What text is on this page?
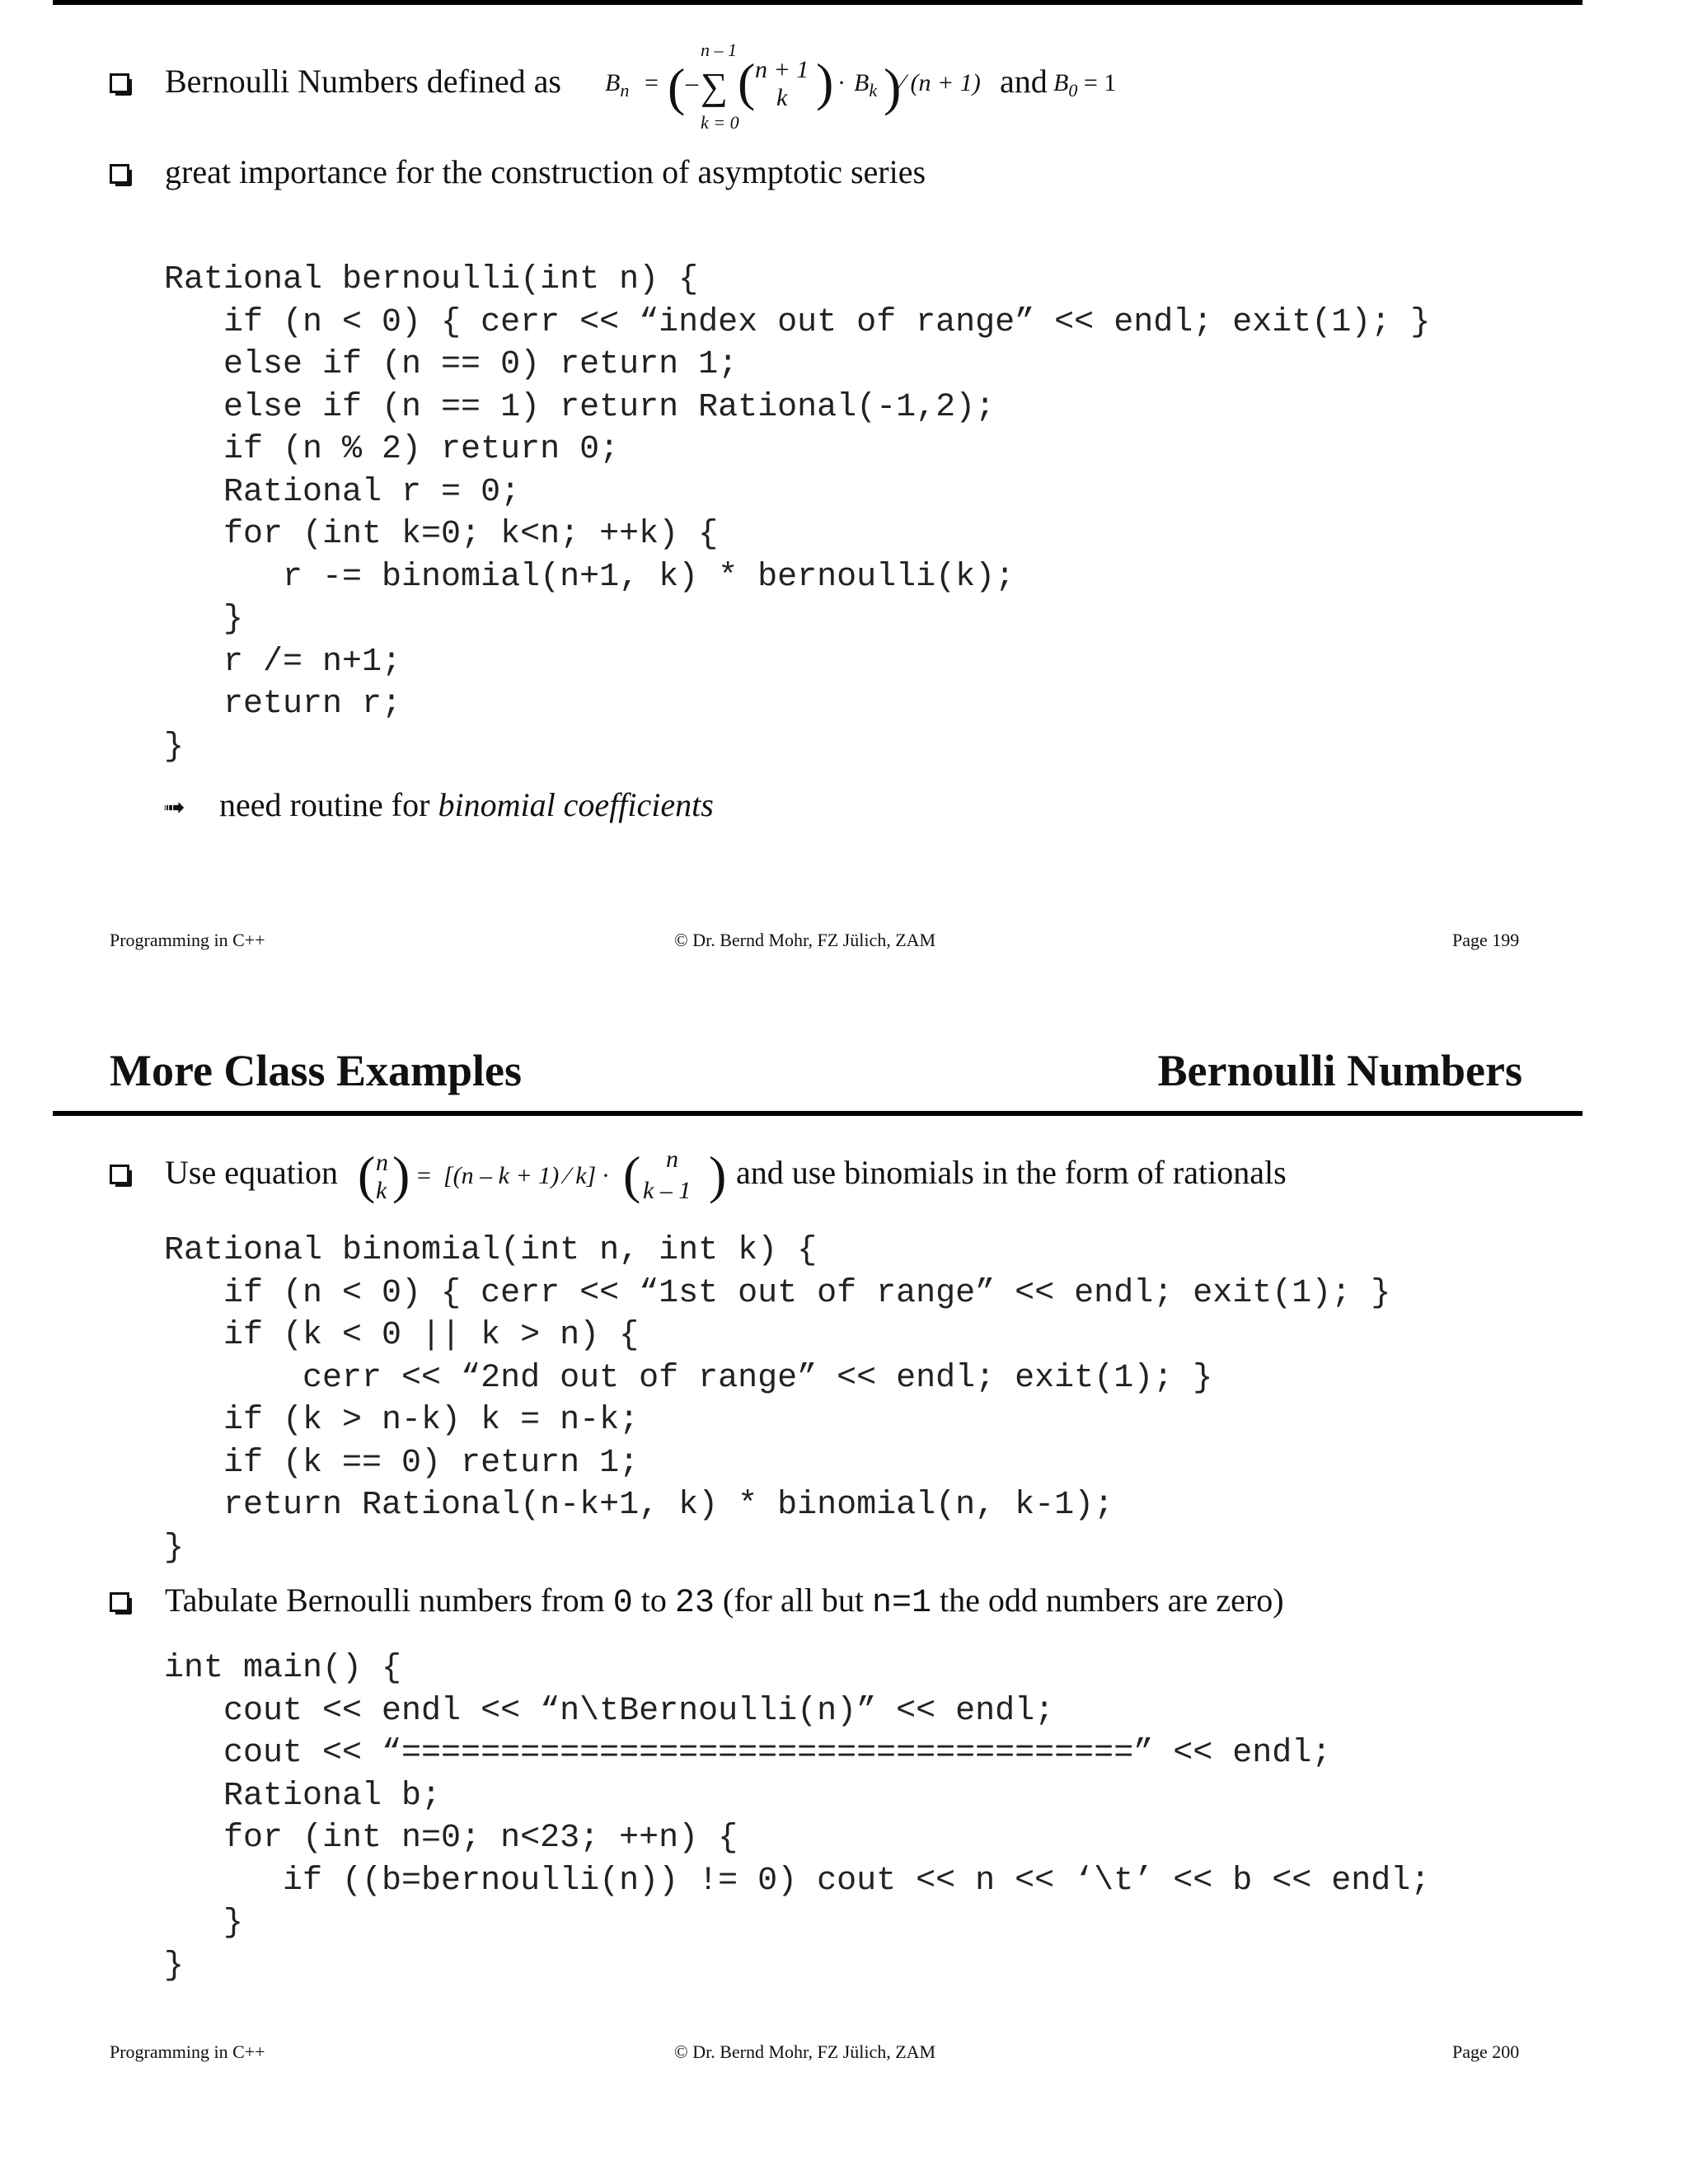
Bernoulli Numbers defined as $B_n$ = ( –
n – 1
∑
k = 0
( n + 1
k ) · $B_k$ )
⁄ (n + 1) and $B_0 = 1$
great importance for the construction of asymptotic series
Rational bernoulli(int n) {
if (n < 0) { cerr << “index out of range” << endl; exit(1); }
else if (n == 0) return 1;
else if (n == 1) return Rational(-1,2);
if (n % 2) return 0;
Rational r = 0;
for (int k=0; k<n; ++k) {
r -= binomial(n+1, k) * bernoulli(k);
}
r /= n+1;
return r;
}
➟ need routine for binomial coefficients
Programming in C++	© Dr. Bernd Mohr, FZ Jülich, ZAM	Page 199
More Class Examples	Bernoulli Numbers
Use equation ( n
k ) = [(n – k + 1) ⁄ k] · ( n
k – 1 ) and use binomials in the form of rationals
Rational binomial(int n, int k) {
if (n < 0) { cerr << “1st out of range” << endl; exit(1); }
if (k < 0 || k > n) {
cerr << “2nd out of range” << endl; exit(1); }
if (k > n-k) k = n-k;
if (k == 0) return 1;
return Rational(n-k+1, k) * binomial(n, k-1);
}
Tabulate Bernoulli numbers from 0 to 23 (for all but n=1 the odd numbers are zero)
int main() {
cout << endl << “n\tBernoulli(n)” << endl;
cout << “=====================================” << endl;
Rational b;
for (int n=0; n<23; ++n) {
if ((b=bernoulli(n)) != 0) cout << n << ‘\t’ << b << endl;
}
}
Programming in C++	© Dr. Bernd Mohr, FZ Jülich, ZAM	Page 200
